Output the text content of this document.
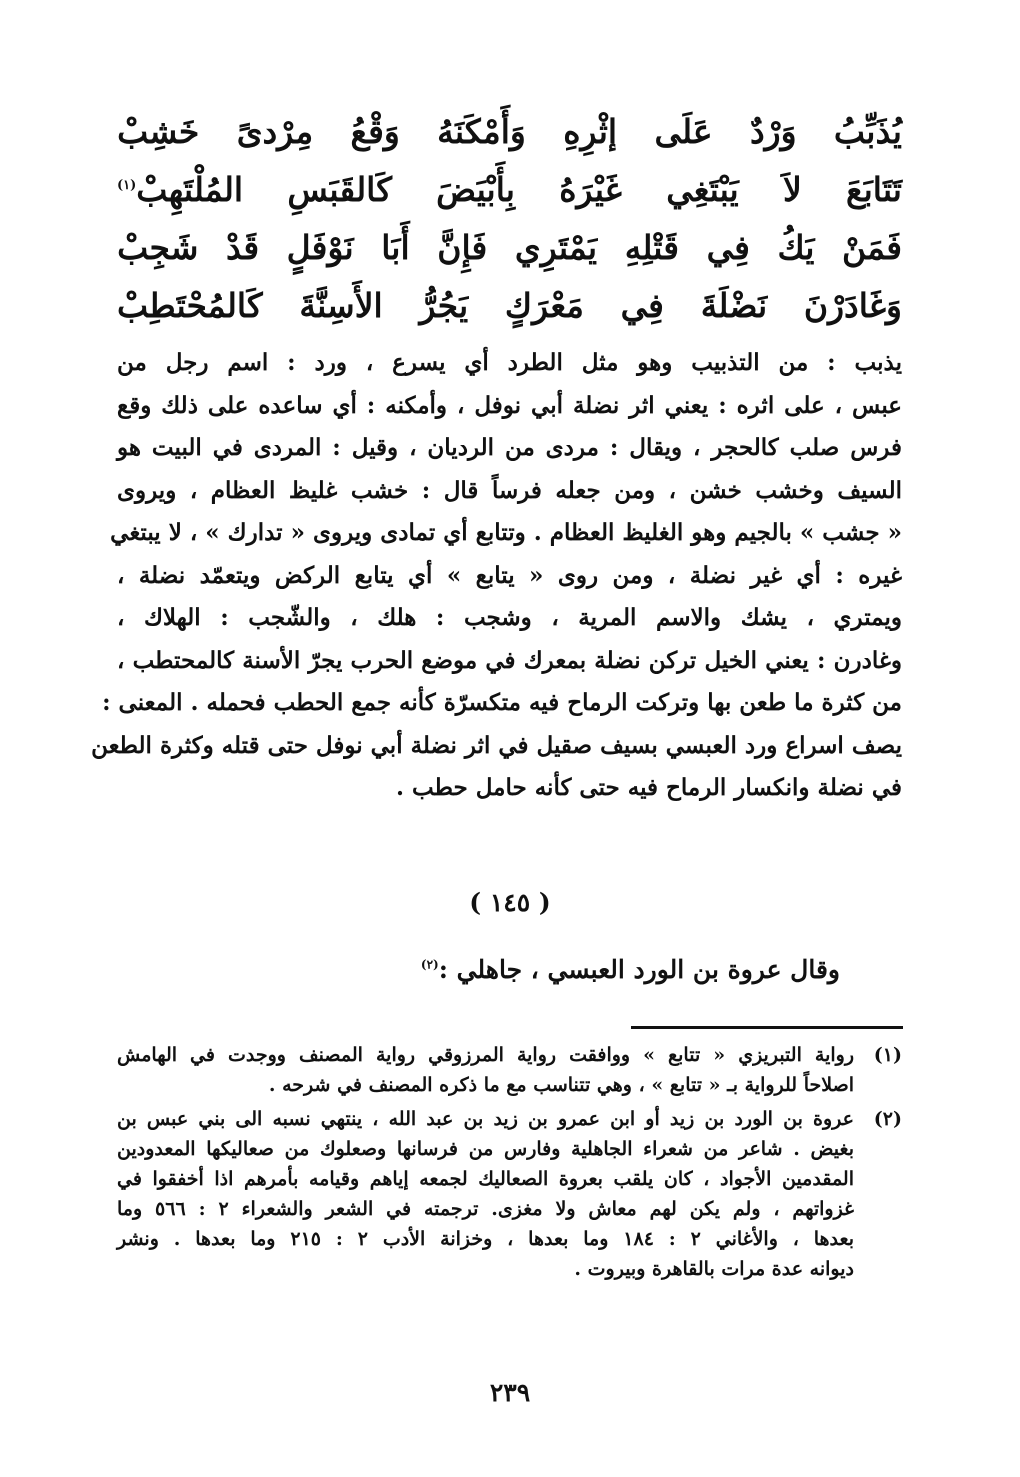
يُذَبِّبُ
وَرْدٌ
عَلَى
إثْرِهِ
وَأَمْكَنَهُ
وَقْعُ
مِرْدىً
خَشِبْ
تَتَابَعَ
لاَ
يَبْتَغِي
غَيْرَهُ
بِأَبْيَضَ
كَالقَبَسِ
المُلْتَهِبْ$^{(١)}$
فَمَنْ
يَكُ
فِي
قَتْلِهِ
يَمْتَرِي
فَإِنَّ
أَبَا
نَوْفَلٍ
قَدْ
شَجِبْ
وَغَادَرْنَ
نَضْلَةَ
فِي
مَعْرَكٍ
يَجُرُّ
الأَسِنَّةَ
كَالمُحْتَطِبْ
يذبب : من التذبيب وهو مثل الطرد أي يسرع ، ورد : اسم رجل من
عبس ، على اثره : يعني اثر نضلة أبي نوفل ، وأمكنه : أي ساعده على ذلك وقع
فرس صلب كالحجر ، ويقال : مردى من الرديان ، وقيل : المردى في البيت هو
السيف وخشب خشن ، ومن جعله فرساً قال : خشب غليظ العظام ، ويروى
« جشب » بالجيم وهو الغليظ العظام . وتتابع أي تمادى ويروى « تدارك » ، لا يبتغي
غيره : أي غير نضلة ، ومن روى « يتابع » أي يتابع الركض ويتعمّد نضلة ،
ويمتري ، يشك والاسم المرية ، وشجب : هلك ، والشّجب : الهلاك ،
وغادرن : يعني الخيل تركن نضلة بمعرك في موضع الحرب يجرّ الأسنة كالمحتطب ،
من كثرة ما طعن بها وتركت الرماح فيه متكسرّة كأنه جمع الحطب فحمله . المعنى :
يصف اسراع ورد العبسي بسيف صقيل في اثر نضلة أبي نوفل حتى قتله وكثرة الطعن
في نضلة وانكسار الرماح فيه حتى كأنه حامل حطب .
( ١٤٥ )
وقال عروة بن الورد العبسي ، جاهلي :$^{(٢)}$
(١)
رواية التبريزي « تتابع » ووافقت رواية المرزوقي رواية المصنف ووجدت في الهامش
اصلاحاً للرواية بـ « تتابع » ، وهي تتناسب مع ما ذكره المصنف في شرحه .
(٢)
عروة بن الورد بن زيد أو ابن عمرو بن زيد بن عبد الله ، ينتهي نسبه الى بني عبس بن
بغيض . شاعر من شعراء الجاهلية وفارس من فرسانها وصعلوك من صعاليكها المعدودين
المقدمين الأجواد ، كان يلقب بعروة الصعاليك لجمعه إياهم وقيامه بأمرهم اذا أخفقوا في
غزواتهم ، ولم يكن لهم معاش ولا مغزى. ترجمته في الشعر والشعراء ٢ : ٥٦٦ وما
بعدها ، والأغاني ٢ : ١٨٤ وما بعدها ، وخزانة الأدب ٢ : ٢١٥ وما بعدها . ونشر
ديوانه عدة مرات بالقاهرة وبيروت .
٢٣٩
